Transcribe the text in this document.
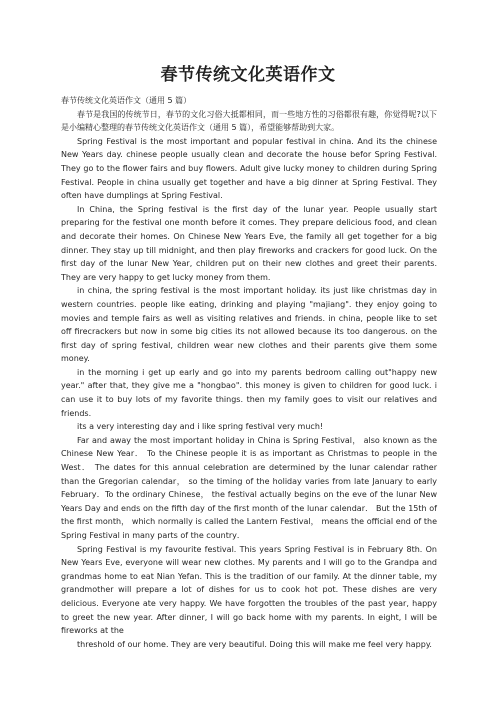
春节传统文化英语作文

春节传统文化英语作文（通用 5 篇）

春节是我国的传统节日，春节的文化习俗大抵都相同，而一些地方性的习俗都很有趣，你觉得呢?以下是小编精心整理的春节传统文化英语作文（通用 5 篇），希望能够帮助到大家。

Spring Festival is the most important and popular festival in china. And its the chinese New Years day. chinese people usually clean and decorate the house befor Spring Festival. They go to the flower fairs and buy flowers. Adult give lucky money to children during Spring Festival. People in china usually get together and have a big dinner at Spring Festival. They often have dumplings at Spring Festival.

In China, the Spring festival is the first day of the lunar year. People usually start preparing for the festival one month before it comes. They prepare delicious food, and clean and decorate their homes. On Chinese New Years Eve, the family all get together for a big dinner. They stay up till midnight, and then play fireworks and crackers for good luck. On the first day of the lunar New Year, children put on their new clothes and greet their parents. They are very happy to get lucky money from them.

in china, the spring festival is the most important holiday. its just like christmas day in western countries. people like eating, drinking and playing "majiang". they enjoy going to movies and temple fairs as well as visiting relatives and friends. in china, people like to set off firecrackers but now in some big cities its not allowed because its too dangerous. on the first day of spring festival, children wear new clothes and their parents give them some money.

in the morning i get up early and go into my parents bedroom calling out"happy new year." after that, they give me a "hongbao". this money is given to children for good luck. i can use it to buy lots of my favorite things. then my family goes to visit our relatives and friends.

its a very interesting day and i like spring festival very much!

Far and away the most important holiday in China is Spring Festival， also known as the Chinese New Year． To the Chinese people it is as important as Christmas to people in the West． The dates for this annual celebration are determined by the lunar calendar rather than the Gregorian calendar， so the timing of the holiday varies from late January to early February．To the ordinary Chinese， the festival actually begins on the eve of the lunar New Years Day and ends on the fifth day of the first month of the lunar calendar． But the 15th of the first month， which normally is called the Lantern Festival， means the official end of the Spring Festival in many parts of the country．

Spring Festival is my favourite festival. This years Spring Festival is in February 8th. On New Years Eve, everyone will wear new clothes. My parents and I will go to the Grandpa and grandmas home to eat Nian Yefan. This is the tradition of our family. At the dinner table, my grandmother will prepare a lot of dishes for us to cook hot pot. These dishes are very delicious. Everyone ate very happy. We have forgotten the troubles of the past year, happy to greet the new year. After dinner, I will go back home with my parents. In eight, I will be fireworks at the

threshold of our home. They are very beautiful. Doing this will make me feel very happy.
